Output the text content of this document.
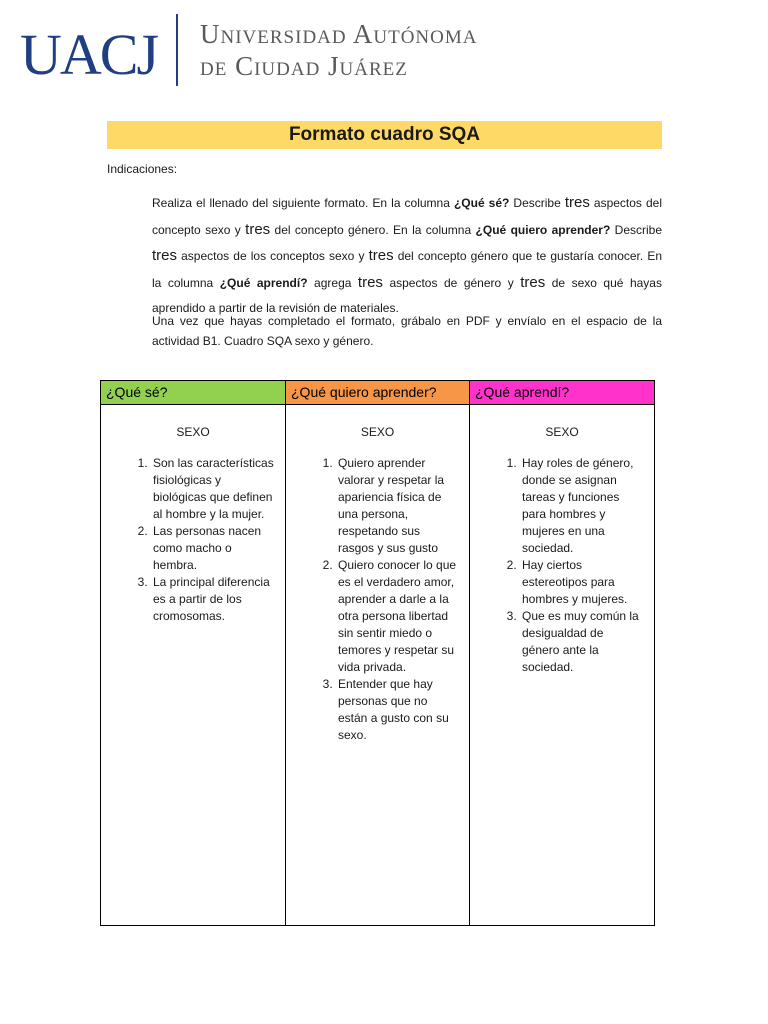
UACJ Universidad Autónoma
de Ciudad Juárez
Formato cuadro SQA
Indicaciones:
Realiza el llenado del siguiente formato. En la columna ¿Qué sé? Describe tres aspectos del concepto sexo y tres del concepto género. En la columna ¿Qué quiero aprender? Describe tres aspectos de los conceptos sexo y tres del concepto género que te gustaría conocer. En la columna ¿Qué aprendí? agrega tres aspectos de género y tres de sexo qué hayas aprendido a partir de la revisión de materiales.
Una vez que hayas completado el formato, grábalo en PDF y envíalo en el espacio de la actividad B1. Cuadro SQA sexo y género.
¿Qué sé?
SEXO
1. Son las características fisiológicas y biológicas que definen al hombre y la mujer.
2. Las personas nacen como macho o hembra.
3. La principal diferencia es a partir de los cromosomas.
¿Qué quiero aprender?
SEXO
1. Quiero aprender valorar y respetar la apariencia física de una persona, respetando sus rasgos y sus gusto
2. Quiero conocer lo que es el verdadero amor, aprender a darle a la otra persona libertad sin sentir miedo o temores y respetar su vida privada.
3. Entender que hay personas que no están a gusto con su sexo.
¿Qué aprendí?
SEXO
1. Hay roles de género, donde se asignan tareas y funciones para hombres y mujeres en una sociedad.
2. Hay ciertos estereotipos para hombres y mujeres.
3. Que es muy común la desigualdad de género ante la sociedad.
